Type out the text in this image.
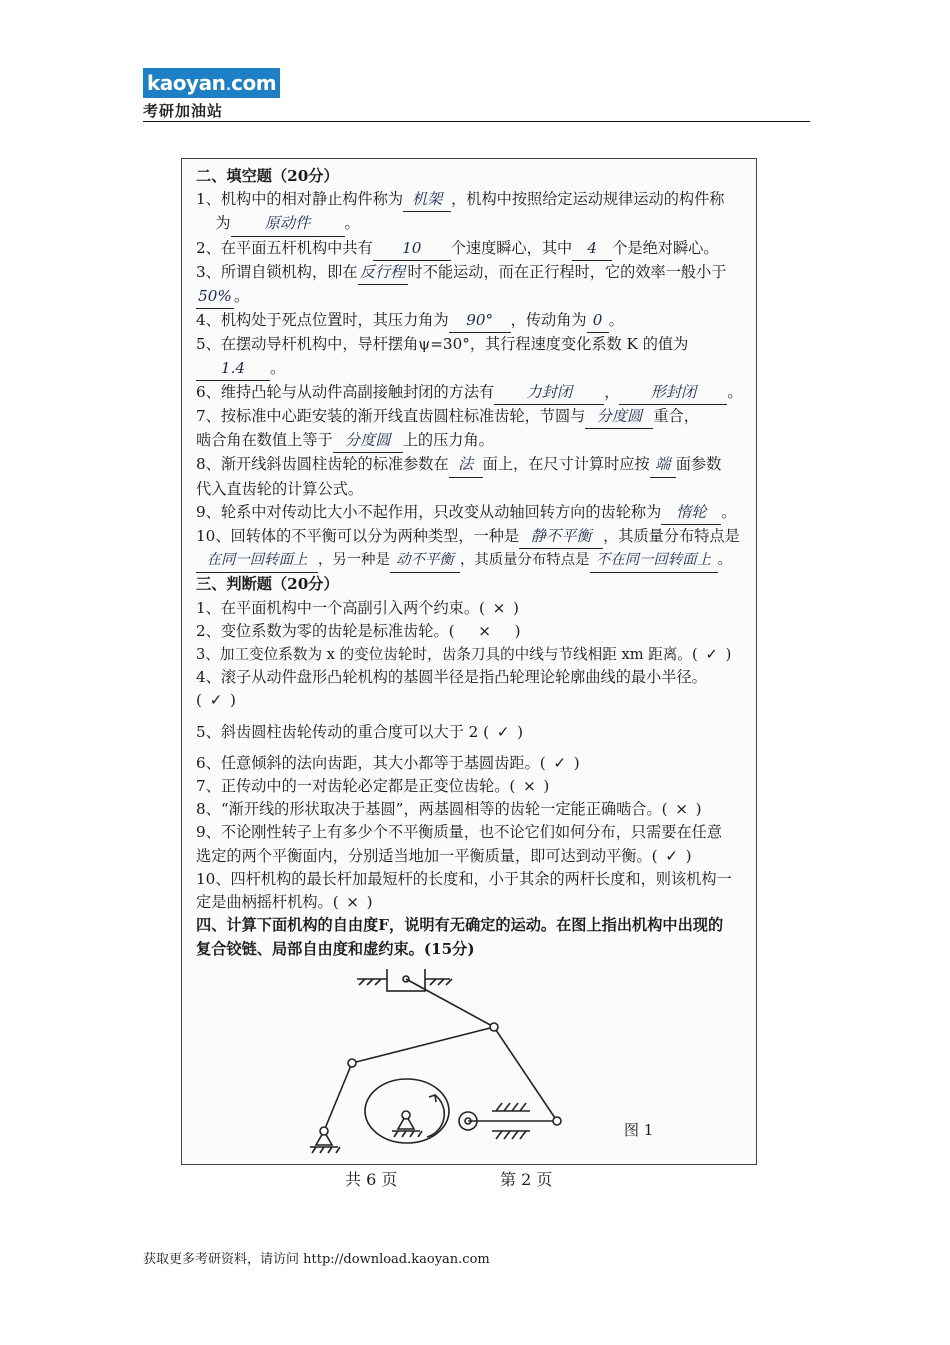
kaoyan.com
考研加油站
二、填空题（20分）
1、机构中的相对静止构件称为 机架 ，机构中按照给定运动规律运动的构件称
为 原动件 。
2、在平面五杆机构中共有 10 个速度瞬心，其中 4 个是绝对瞬心。
3、所谓自锁机构，即在 反行程 时不能运动，而在正行程时，它的效率一般小于
50% 。
4、机构处于死点位置时，其压力角为 90° ，传动角为 0 。
5、在摆动导杆机构中，导杆摆角ψ=30°，其行程速度变化系数 K 的值为
1.4 。
6、维持凸轮与从动件高副接触封闭的方法有 力封闭 ， 形封闭 。
7、按标准中心距安装的渐开线直齿圆柱标准齿轮，节圆与 分度圆 重合，
啮合角在数值上等于 分度圆 上的压力角。
8、渐开线斜齿圆柱齿轮的标准参数在 法 面上，在尺寸计算时应按 端 面参数
代入直齿轮的计算公式。
9、轮系中对传动比大小不起作用，只改变从动轴回转方向的齿轮称为 惰轮 。
10、回转体的不平衡可以分为两种类型，一种是 静不平衡 ，其质量分布特点是
在同一回转面上 ，另一种是 动不平衡 ，其质量分布特点是 不在同一回转面上 。
三、判断题（20分）
1、在平面机构中一个高副引入两个约束。( × )
2、变位系数为零的齿轮是标准齿轮。( × )
3、加工变位系数为 x 的变位齿轮时，齿条刀具的中线与节线相距 xm 距离。( ✓ )
4、滚子从动件盘形凸轮机构的基圆半径是指凸轮理论轮廓曲线的最小半径。
( ✓ )
5、斜齿圆柱齿轮传动的重合度可以大于 2 ( ✓ )
6、任意倾斜的法向齿距，其大小都等于基圆齿距。( ✓ )
7、正传动中的一对齿轮必定都是正变位齿轮。( × )
8、“渐开线的形状取决于基圆”，两基圆相等的齿轮一定能正确啮合。( × )
9、不论刚性转子上有多少个不平衡质量，也不论它们如何分布，只需要在任意
选定的两个平衡面内，分别适当地加一平衡质量，即可达到动平衡。( ✓ )
10、四杆机构的最长杆加最短杆的长度和，小于其余的两杆长度和，则该机构一
定是曲柄摇杆机构。( × )
四、计算下面机构的自由度F，说明有无确定的运动。在图上指出机构中出现的
复合铰链、局部自由度和虚约束。(15分)
图 1
共 6 页	第 2 页
获取更多考研资料，请访问 http://download.kaoyan.com
